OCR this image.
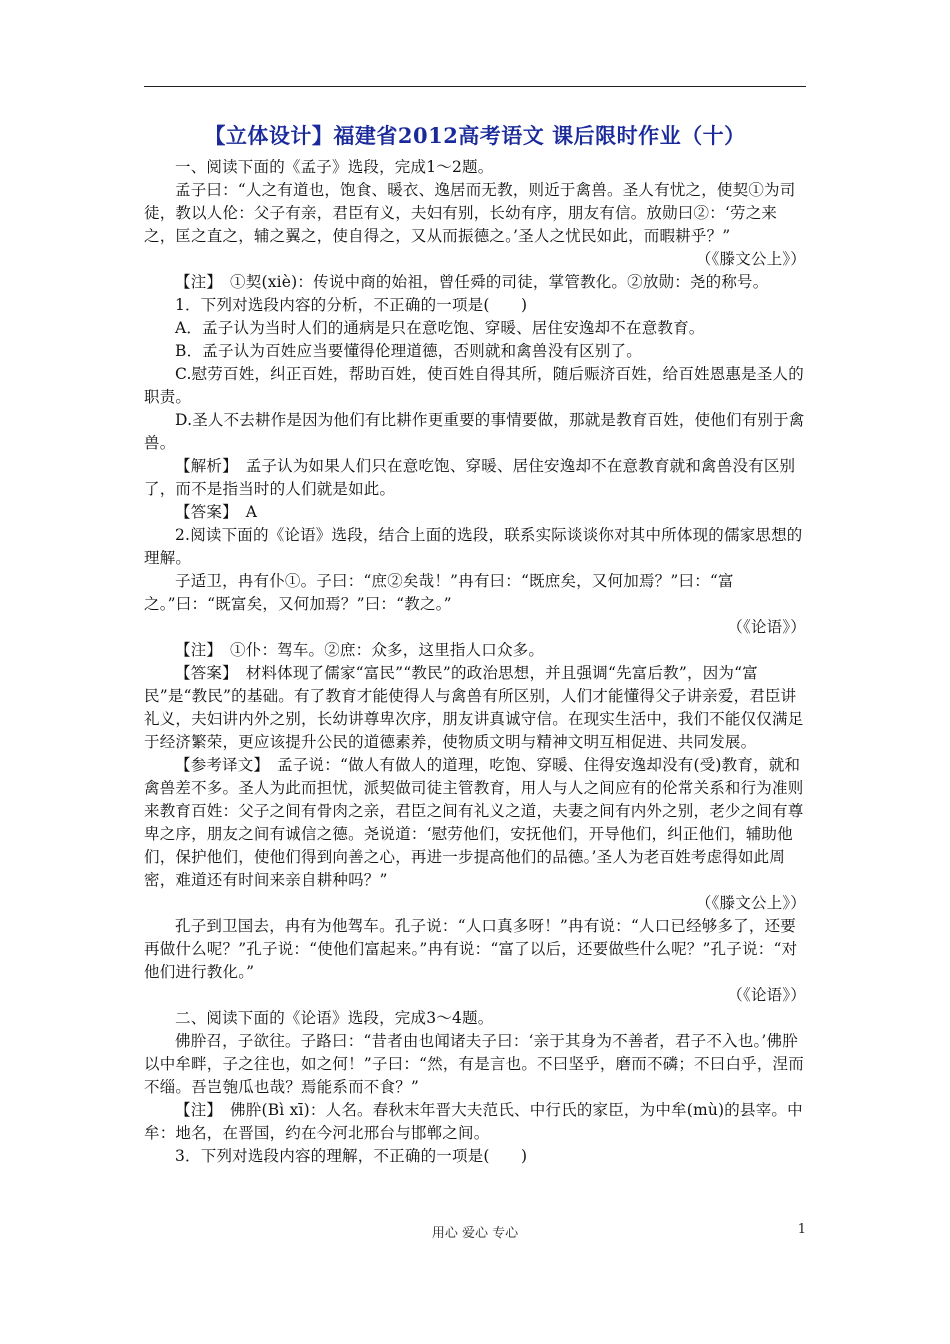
【立体设计】福建省2012高考语文 课后限时作业（十）

一、阅读下面的《孟子》选段，完成1～2题。

孟子曰：“人之有道也，饱食、暖衣、逸居而无教，则近于禽兽。圣人有忧之，使契①为司徒，教以人伦：父子有亲，君臣有义，夫妇有别，长幼有序，朋友有信。放勋曰②：‘劳之来之，匡之直之，辅之翼之，使自得之，又从而振德之。’圣人之忧民如此，而暇耕乎？”

（《滕文公上》）

【注】　①契(xiè)：传说中商的始祖，曾任舜的司徒，掌管教化。②放勋：尧的称号。

1．下列对选段内容的分析，不正确的一项是(　　)

A．孟子认为当时人们的通病是只在意吃饱、穿暖、居住安逸却不在意教育。

B．孟子认为百姓应当要懂得伦理道德，否则就和禽兽没有区别了。

C.慰劳百姓，纠正百姓，帮助百姓，使百姓自得其所，随后赈济百姓，给百姓恩惠是圣人的职责。

D.圣人不去耕作是因为他们有比耕作更重要的事情要做，那就是教育百姓，使他们有别于禽兽。

【解析】　孟子认为如果人们只在意吃饱、穿暖、居住安逸却不在意教育就和禽兽没有区别了，而不是指当时的人们就是如此。

【答案】　A

2.阅读下面的《论语》选段，结合上面的选段，联系实际谈谈你对其中所体现的儒家思想的理解。

子适卫，冉有仆①。子曰：“庶②矣哉！”冉有曰：“既庶矣，又何加焉？”曰：“富之。”曰：“既富矣，又何加焉？”曰：“教之。”

（《论语》）

【注】　①仆：驾车。②庶：众多，这里指人口众多。

【答案】　材料体现了儒家“富民”“教民”的政治思想，并且强调“先富后教”，因为“富民”是“教民”的基础。有了教育才能使得人与禽兽有所区别，人们才能懂得父子讲亲爱，君臣讲礼义，夫妇讲内外之别，长幼讲尊卑次序，朋友讲真诚守信。在现实生活中，我们不能仅仅满足于经济繁荣，更应该提升公民的道德素养，使物质文明与精神文明互相促进、共同发展。

【参考译文】　孟子说：“做人有做人的道理，吃饱、穿暖、住得安逸却没有(受)教育，就和禽兽差不多。圣人为此而担忧，派契做司徒主管教育，用人与人之间应有的伦常关系和行为准则来教育百姓：父子之间有骨肉之亲，君臣之间有礼义之道，夫妻之间有内外之别，老少之间有尊卑之序，朋友之间有诚信之德。尧说道：‘慰劳他们，安抚他们，开导他们，纠正他们，辅助他们，保护他们，使他们得到向善之心，再进一步提高他们的品德。’圣人为老百姓考虑得如此周密，难道还有时间来亲自耕种吗？”

（《滕文公上》）

孔子到卫国去，冉有为他驾车。孔子说：“人口真多呀！”冉有说：“人口已经够多了，还要再做什么呢？”孔子说：“使他们富起来。”冉有说：“富了以后，还要做些什么呢？”孔子说：“对他们进行教化。”

（《论语》）

二、阅读下面的《论语》选段，完成3～4题。

佛肸召，子欲往。子路曰：“昔者由也闻诸夫子曰：‘亲于其身为不善者，君子不入也。’佛肸以中牟畔，子之往也，如之何！”子曰：“然，有是言也。不曰坚乎，磨而不磷；不曰白乎，涅而不缁。吾岂匏瓜也哉？焉能系而不食？”

【注】　佛肸(Bì xī)：人名。春秋末年晋大夫范氏、中行氏的家臣，为中牟(mù)的县宰。中牟：地名，在晋国，约在今河北邢台与邯郸之间。

3．下列对选段内容的理解，不正确的一项是(　　)

用心 爱心 专心	1
